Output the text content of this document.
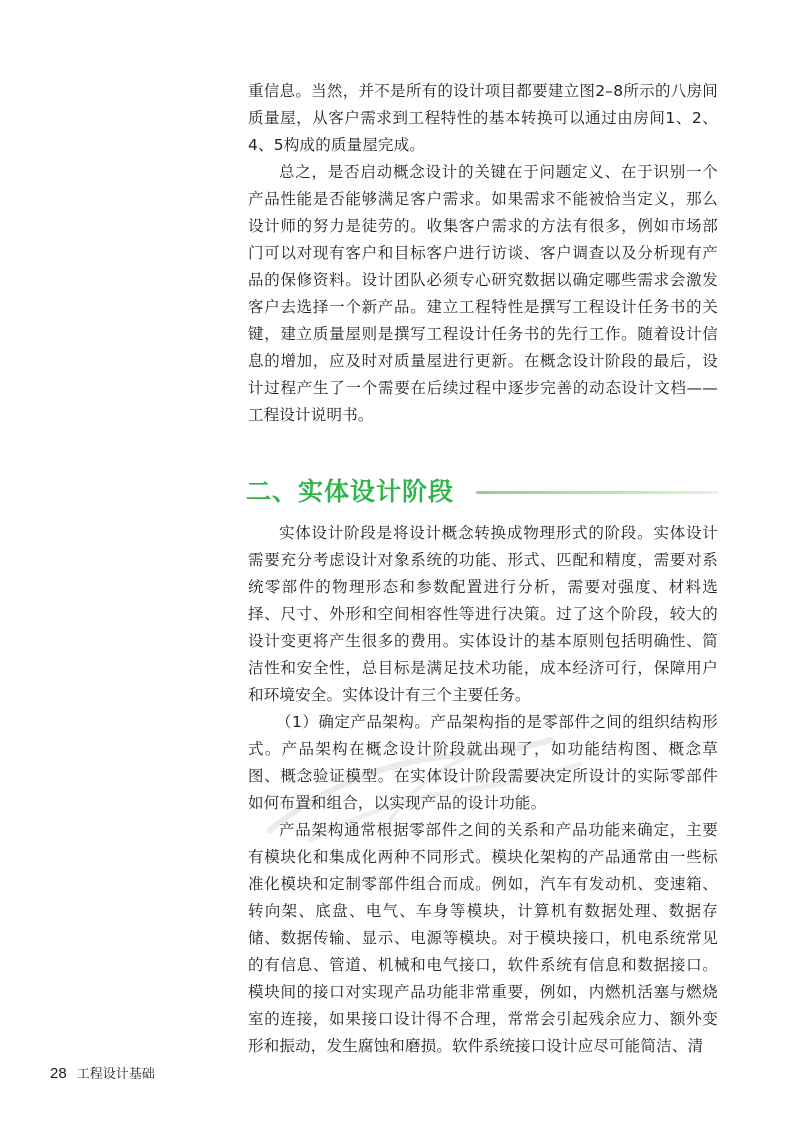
重信息。当然，并不是所有的设计项目都要建立图2–8所示的八房间质量屋，从客户需求到工程特性的基本转换可以通过由房间1、2、4、5构成的质量屋完成。

总之，是否启动概念设计的关键在于问题定义、在于识别一个产品性能是否能够满足客户需求。如果需求不能被恰当定义，那么设计师的努力是徒劳的。收集客户需求的方法有很多，例如市场部门可以对现有客户和目标客户进行访谈、客户调查以及分析现有产品的保修资料。设计团队必须专心研究数据以确定哪些需求会激发客户去选择一个新产品。建立工程特性是撰写工程设计任务书的关键，建立质量屋则是撰写工程设计任务书的先行工作。随着设计信息的增加，应及时对质量屋进行更新。在概念设计阶段的最后，设计过程产生了一个需要在后续过程中逐步完善的动态设计文档——工程设计说明书。

二、实体设计阶段

实体设计阶段是将设计概念转换成物理形式的阶段。实体设计需要充分考虑设计对象系统的功能、形式、匹配和精度，需要对系统零部件的物理形态和参数配置进行分析，需要对强度、材料选择、尺寸、外形和空间相容性等进行决策。过了这个阶段，较大的设计变更将产生很多的费用。实体设计的基本原则包括明确性、简洁性和安全性，总目标是满足技术功能，成本经济可行，保障用户和环境安全。实体设计有三个主要任务。

（1）确定产品架构。产品架构指的是零部件之间的组织结构形式。产品架构在概念设计阶段就出现了，如功能结构图、概念草图、概念验证模型。在实体设计阶段需要决定所设计的实际零部件如何布置和组合，以实现产品的设计功能。

产品架构通常根据零部件之间的关系和产品功能来确定，主要有模块化和集成化两种不同形式。模块化架构的产品通常由一些标准化模块和定制零部件组合而成。例如，汽车有发动机、变速箱、转向架、底盘、电气、车身等模块，计算机有数据处理、数据存储、数据传输、显示、电源等模块。对于模块接口，机电系统常见的有信息、管道、机械和电气接口，软件系统有信息和数据接口。模块间的接口对实现产品功能非常重要，例如，内燃机活塞与燃烧室的连接，如果接口设计得不合理，常常会引起残余应力、额外变形和振动，发生腐蚀和磨损。软件系统接口设计应尽可能简洁、清

28 工程设计基础
